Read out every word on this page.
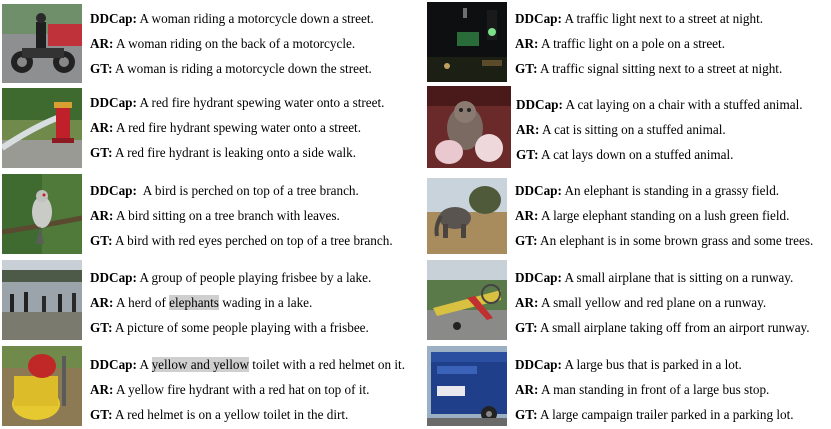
DDCap: A woman riding a motorcycle down a street.
AR: A woman riding on the back of a motorcycle.
GT: A woman is riding a motorcycle down the street.
DDCap: A traffic light next to a street at night.
AR: A traffic light on a pole on a street.
GT: A traffic signal sitting next to a street at night.
DDCap: A red fire hydrant spewing water onto a street.
AR: A red fire hydrant spewing water onto a street.
GT: A red fire hydrant is leaking onto a side walk.
DDCap: A cat laying on a chair with a stuffed animal.
AR: A cat is sitting on a stuffed animal.
GT: A cat lays down on a stuffed animal.
DDCap:  A bird is perched on top of a tree branch.
AR: A bird sitting on a tree branch with leaves.
GT: A bird with red eyes perched on top of a tree branch.
DDCap: An elephant is standing in a grassy field.
AR: A large elephant standing on a lush green field.
GT: An elephant is in some brown grass and some trees.
DDCap: A group of people playing frisbee by a lake.
AR: A herd of elephants wading in a lake.
GT: A picture of some people playing with a frisbee.
DDCap: A small airplane that is sitting on a runway.
AR: A small yellow and red plane on a runway.
GT: A small airplane taking off from an airport runway.
DDCap: A yellow and yellow toilet with a red helmet on it.
AR: A yellow fire hydrant with a red hat on top of it.
GT: A red helmet is on a yellow toilet in the dirt.
DDCap: A large bus that is parked in a lot.
AR: A man standing in front of a large bus stop.
GT: A large campaign trailer parked in a parking lot.
